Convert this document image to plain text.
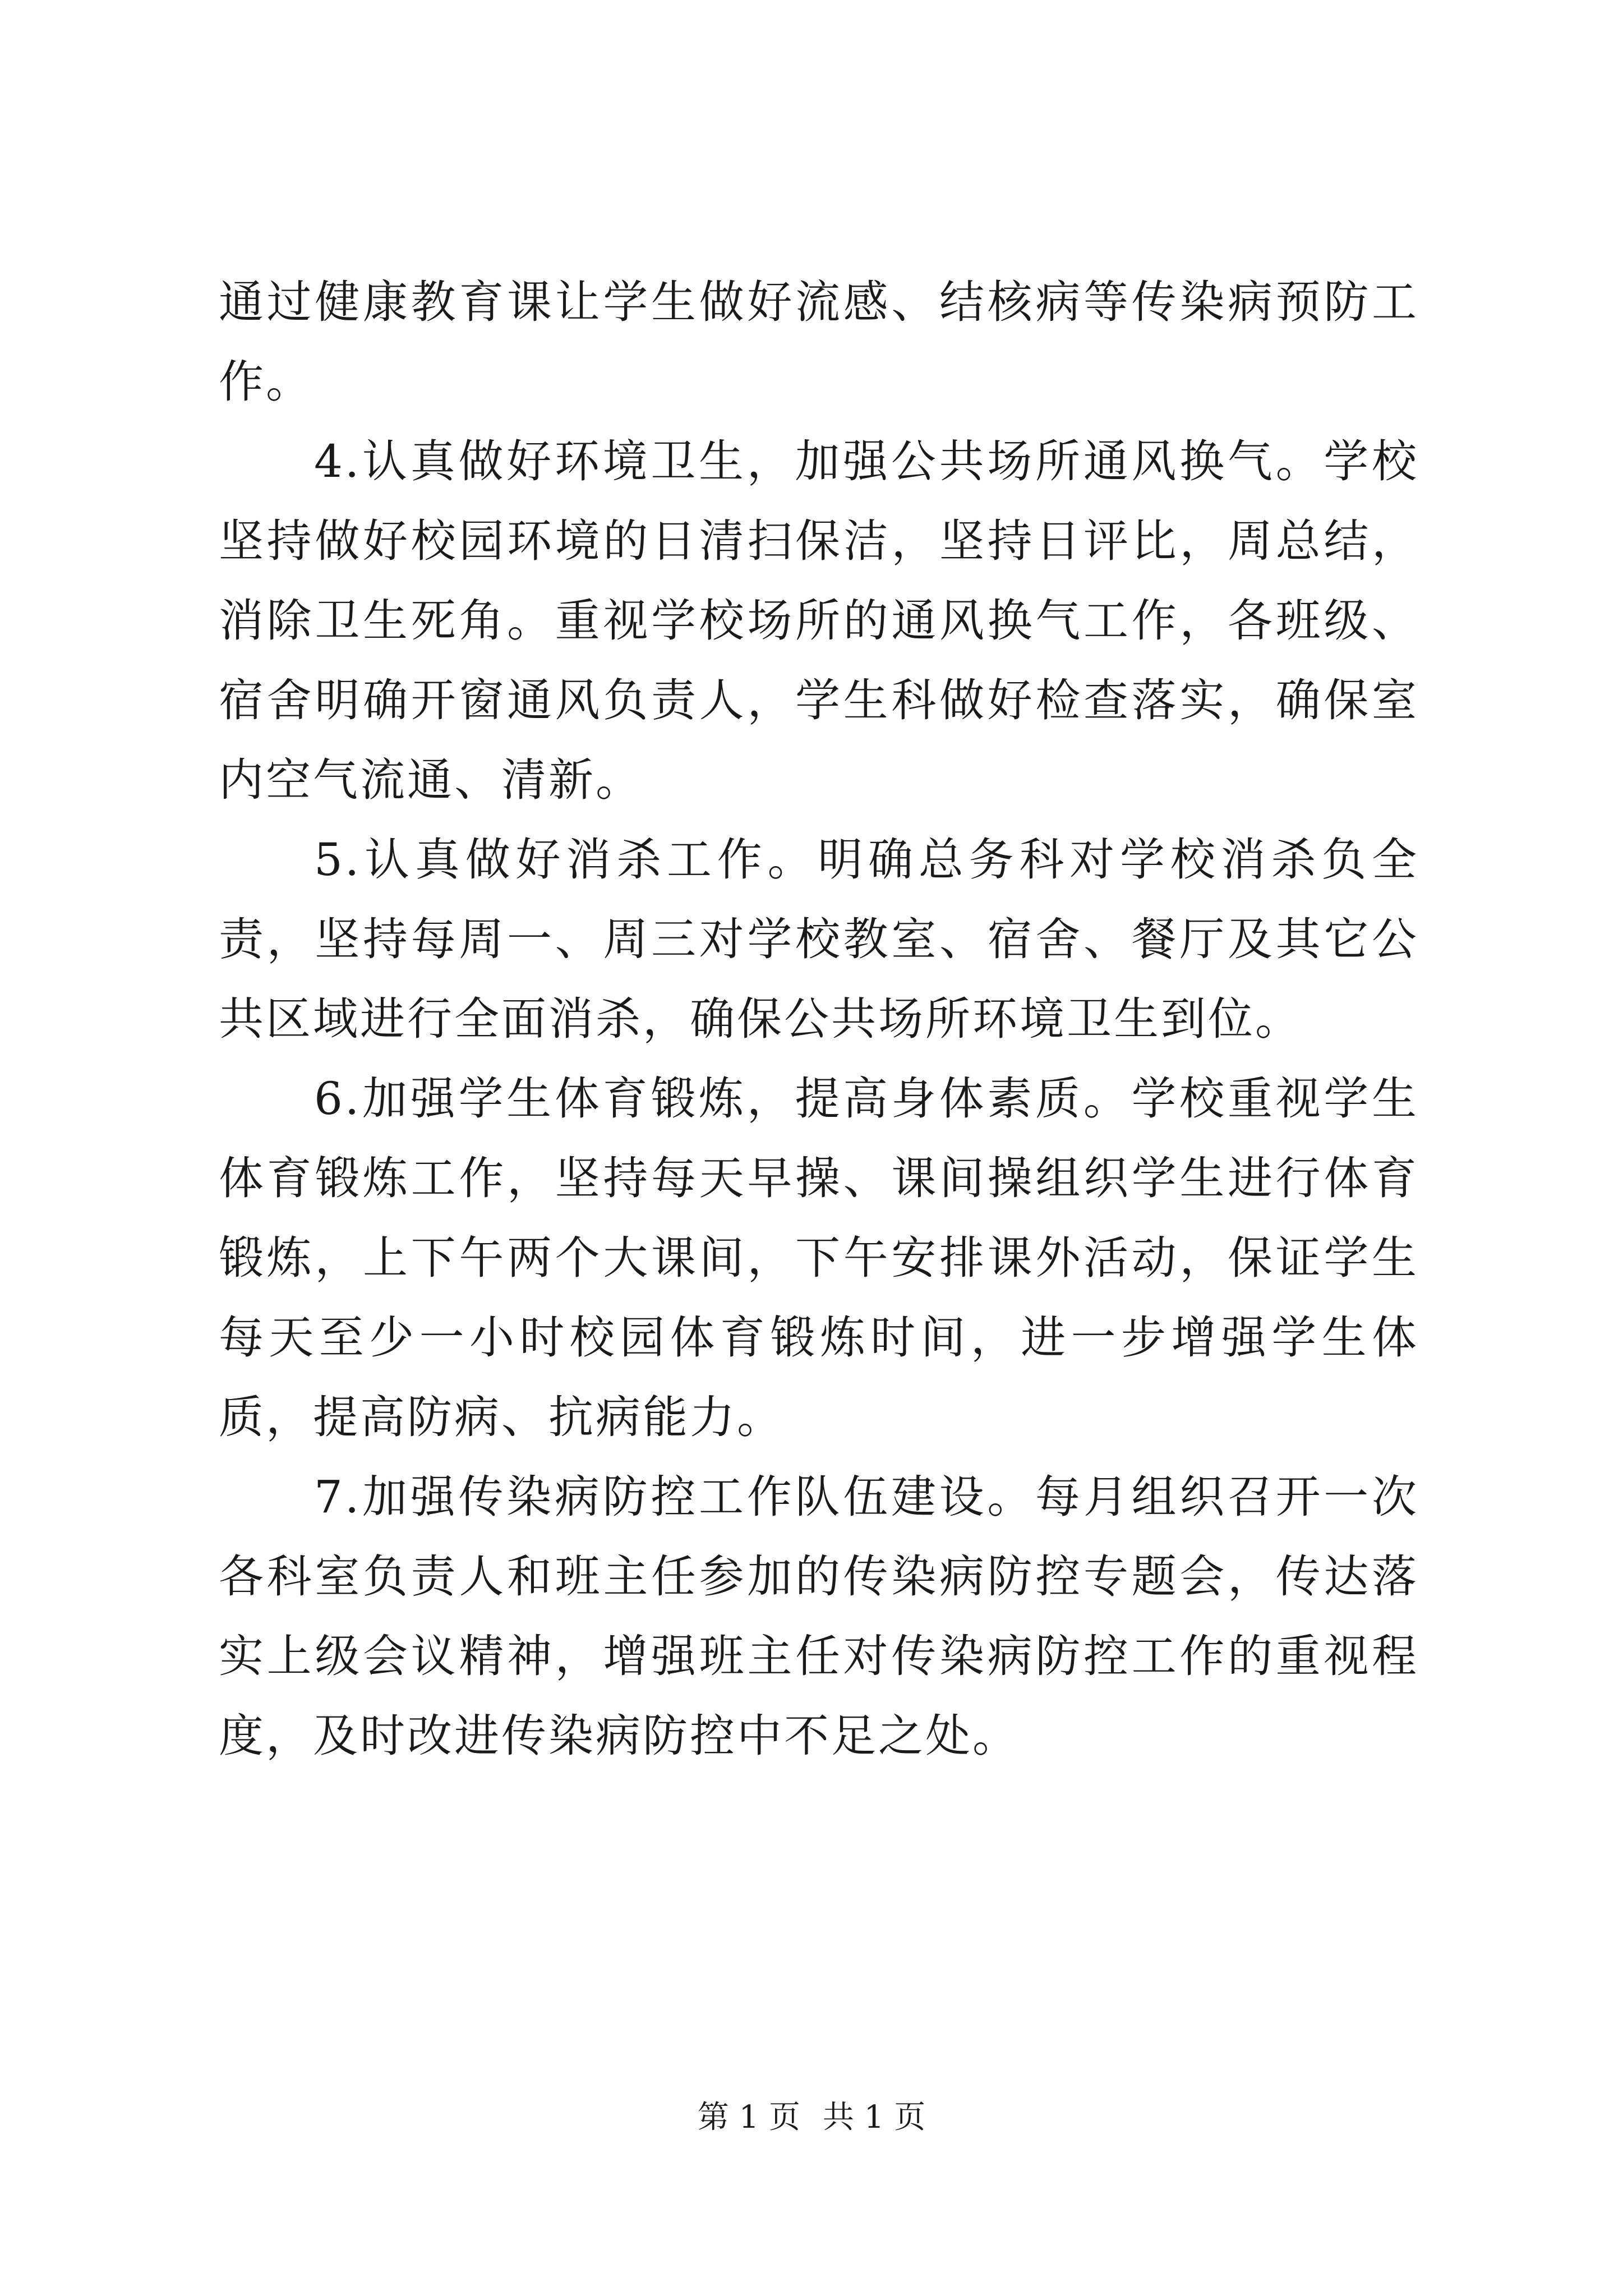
通过健康教育课让学生做好流感、结核病等传染病预防工作。

4.认真做好环境卫生，加强公共场所通风换气。学校坚持做好校园环境的日清扫保洁，坚持日评比，周总结，消除卫生死角。重视学校场所的通风换气工作，各班级、宿舍明确开窗通风负责人，学生科做好检查落实，确保室内空气流通、清新。

5.认真做好消杀工作。明确总务科对学校消杀负全责，坚持每周一、周三对学校教室、宿舍、餐厅及其它公共区域进行全面消杀，确保公共场所环境卫生到位。

6.加强学生体育锻炼，提高身体素质。学校重视学生体育锻炼工作，坚持每天早操、课间操组织学生进行体育锻炼，上下午两个大课间，下午安排课外活动，保证学生每天至少一小时校园体育锻炼时间，进一步增强学生体质，提高防病、抗病能力。

7.加强传染病防控工作队伍建设。每月组织召开一次各科室负责人和班主任参加的传染病防控专题会，传达落实上级会议精神，增强班主任对传染病防控工作的重视程度，及时改进传染病防控中不足之处。

第 1 页 共 1 页
